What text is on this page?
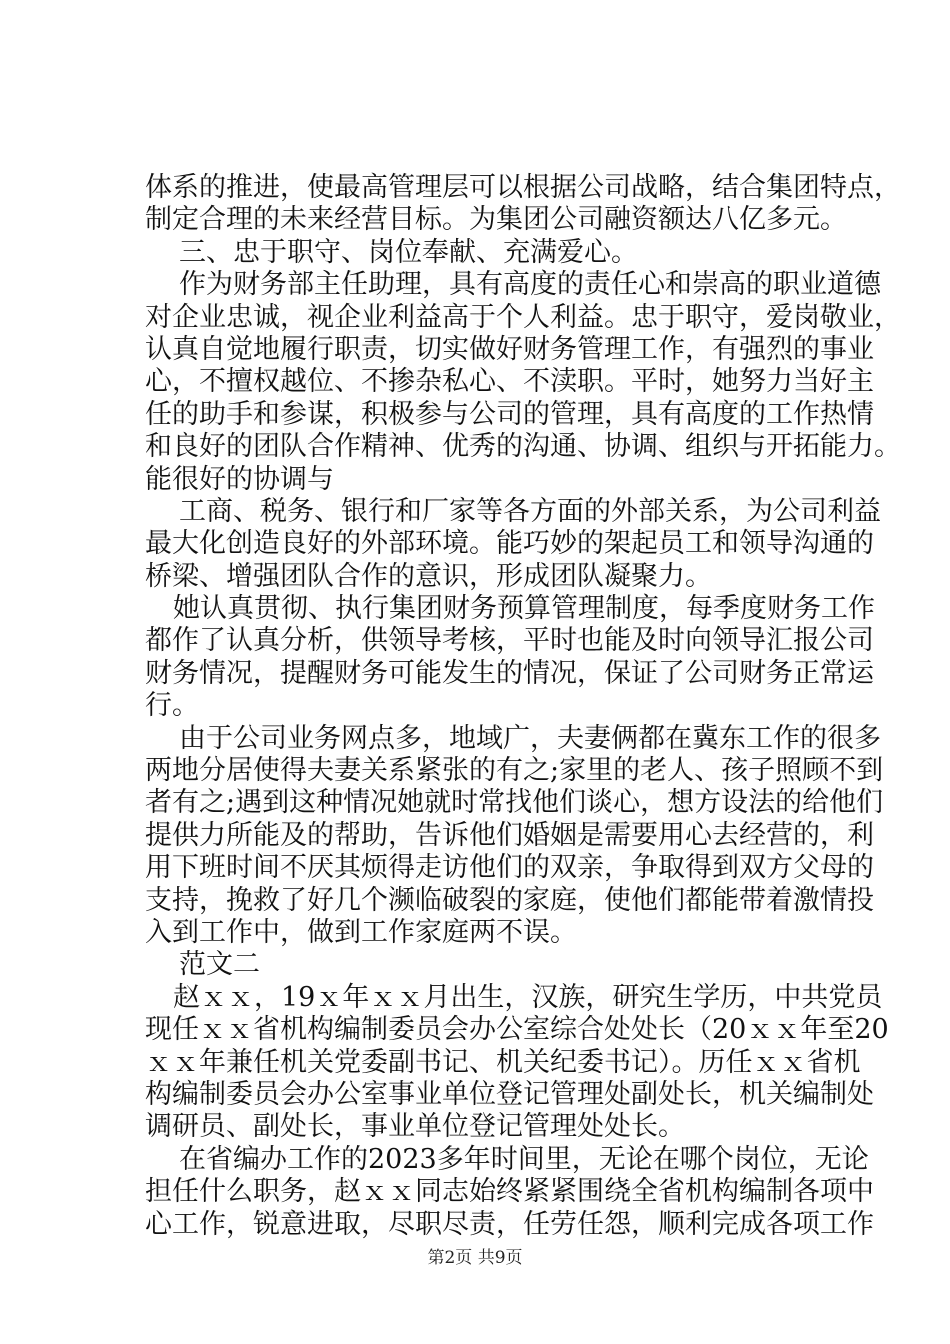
体系的推进，使最高管理层可以根据公司战略，结合集团特点，
制定合理的未来经营目标。为集团公司融资额达八亿多元。
三、忠于职守、岗位奉献、充满爱心。
作为财务部主任助理，具有高度的责任心和崇高的职业道德
对企业忠诚，视企业利益高于个人利益。忠于职守，爱岗敬业，
认真自觉地履行职责，切实做好财务管理工作，有强烈的事业
心，不擅权越位、不掺杂私心、不渎职。平时，她努力当好主
任的助手和参谋，积极参与公司的管理，具有高度的工作热情
和良好的团队合作精神、优秀的沟通、协调、组织与开拓能力。
能很好的协调与
工商、税务、银行和厂家等各方面的外部关系，为公司利益
最大化创造良好的外部环境。能巧妙的架起员工和领导沟通的
桥梁、增强团队合作的意识，形成团队凝聚力。
她认真贯彻、执行集团财务预算管理制度，每季度财务工作
都作了认真分析，供领导考核，平时也能及时向领导汇报公司
财务情况，提醒财务可能发生的情况，保证了公司财务正常运
行。
由于公司业务网点多，地域广，夫妻俩都在冀东工作的很多
两地分居使得夫妻关系紧张的有之;家里的老人、孩子照顾不到
者有之;遇到这种情况她就时常找他们谈心，想方设法的给他们
提供力所能及的帮助，告诉他们婚姻是需要用心去经营的，利
用下班时间不厌其烦得走访他们的双亲，争取得到双方父母的
支持，挽救了好几个濒临破裂的家庭，使他们都能带着激情投
入到工作中，做到工作家庭两不误。
范文二
赵ｘｘ，19ｘ年ｘｘ月出生，汉族，研究生学历，中共党员
现任ｘｘ省机构编制委员会办公室综合处处长（20ｘｘ年至20
ｘｘ年兼任机关党委副书记、机关纪委书记）。历任ｘｘ省机
构编制委员会办公室事业单位登记管理处副处长，机关编制处
调研员、副处长，事业单位登记管理处处长。
在省编办工作的2023多年时间里，无论在哪个岗位，无论
担任什么职务，赵ｘｘ同志始终紧紧围绕全省机构编制各项中
心工作，锐意进取，尽职尽责，任劳任怨，顺利完成各项工作
第2页 共9页
